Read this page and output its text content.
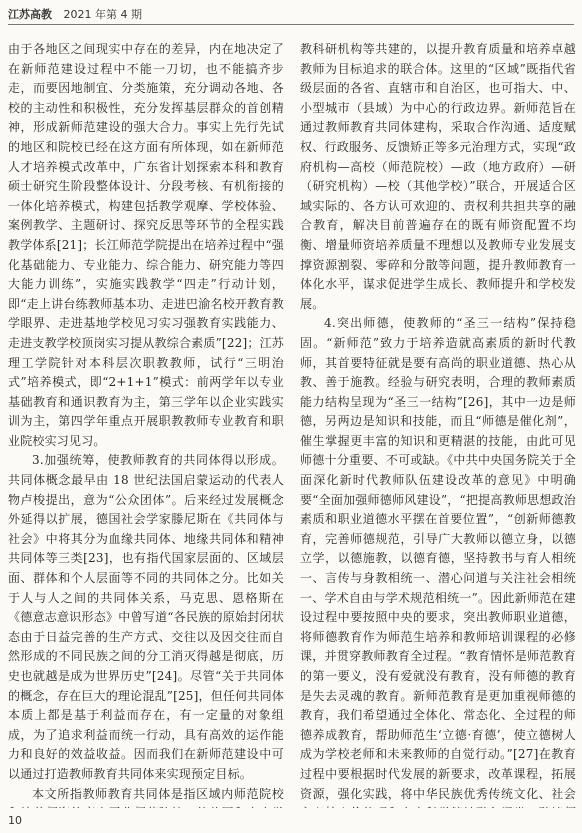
江苏高教 2021 年第 4 期

由于各地区之间现实中存在的差异，内在地决定了在新师范建设过程中不能一刀切，也不能搞齐步走，而要因地制宜、分类施策，充分调动各地、各校的主动性和积极性，充分发挥基层群众的首创精神，形成新师范建设的强大合力。事实上先行先试的地区和院校已经在这方面有所体现，如在新师范人才培养模式改革中，广东省计划探索本科和教育硕士研究生阶段整体设计、分段考核、有机衔接的一体化培养模式，构建包括教学观摩、学校体验、案例教学、主题研讨、探究反思等环节的全程实践教学体系[21]；长江师范学院提出在培养过程中“强化基础能力、专业能力、综合能力、研究能力等四大能力训练”，实施实践教学“四走”行动计划，即“走上讲台练教师基本功、走进巴渝名校开教育教学眼界、走进基地学校见习实习强教育实践能力、走进支教学校顶岗实习提从教综合素质”[22]；江苏理工学院针对本科层次职教教师，试行“三明治式”培养模式，即“2+1+1”模式：前两学年以专业基础教育和通识教育为主，第三学年以企业实践实训为主，第四学年重点开展职教教师专业教育和职业院校实习见习。

3.加强统筹，使教师教育的共同体得以形成。共同体概念最早由 18 世纪法国启蒙运动的代表人物卢梭提出，意为“公众团体”。后来经过发展概念外延得以扩展，德国社会学家滕尼斯在《共同体与社会》中将其分为血缘共同体、地缘共同体和精神共同体等三类[23]，也有指代国家层面的、区域层面、群体和个人层面等不同的共同体之分。比如关于人与人之间的共同体关系，马克思、恩格斯在《德意志意识形态》中曾写道“各民族的原始封闭状态由于日益完善的生产方式、交往以及因交往而自然形成的不同民族之间的分工消灭得越是彻底，历史也就越是成为世界历史”[24]。尽管“关于共同体的概念，存在巨大的理论混乱”[25]，但任何共同体本质上都是基于利益而存在，有一定量的对象组成，为了追求利益而统一行动，具有高效的运作能力和良好的效益收益。因而我们在新师范建设中可以通过打造教师教育共同体来实现预定目标。

本文所指教师教育共同体是指区域内师范院校

教科研机构等共建的，以提升教育质量和培养卓越教师为目标追求的联合体。这里的“区域”既指代省级层面的各省、直辖市和自治区，也可指大、中、小型城市（县域）为中心的行政边界。新师范旨在通过教师教育共同体建构，采取合作沟通、适度赋权、行政服务、反馈矫正等多元治理方式，实现“政府机构—高校（师范院校）—政（地方政府）—研（研究机构）—校（其他学校）”联合，开展适合区域实际的、各方认可欢迎的、责权利共担共享的融合教育，解决目前普遍存在的既有师资配置不均衡、增量师资培养质量不理想以及教师专业发展支撑资源割裂、零碎和分散等问题，提升教师教育一体化水平，谋求促进学生成长、教师提升和学校发展。

4.突出师德，使教师的“圣三一结构”保持稳固。“新师范”致力于培养造就高素质的新时代教师，其首要特征就是要有高尚的职业道德、热心从教、善于施教。经验与研究表明，合理的教师素质能力结构呈现为“圣三一结构”[26]，其中一边是师德，另两边是知识和技能，而且“师德是催化剂”，催生掌握更丰富的知识和更精湛的技能，由此可见师德十分重要、不可或缺。《中共中央国务院关于全面深化新时代教师队伍建设改革的意见》中明确要“全面加强师德师风建设”，“把提高教师思想政治素质和职业道德水平摆在首要位置”，“创新师德教育，完善师德规范，引导广大教师以德立身，以德立学，以德施教，以德育德，坚持教书与育人相统一、言传与身教相统一、潜心问道与关注社会相统一、学术自由与学术规范相统一”。因此新师范在建设过程中要按照中央的要求，突出教师职业道德，将师德教育作为师范生培养和教师培训课程的必修课，并贯穿教师教育全过程。“教育情怀是师范教育的第一要义，没有爱就没有教育，没有师德的教育是失去灵魂的教育。新师范教育是更加重视师德的教育，我们希望通过全体化、常态化、全过程的师德养成教育，帮助师范生‘立德·育德’，使立德树人成为学校老师和未来教师的自觉行动。”[27]在教育过程中要根据时代发展的新要求，改革课程，拓展资源，强化实践，将中华民族优秀传统文化、社会

10
